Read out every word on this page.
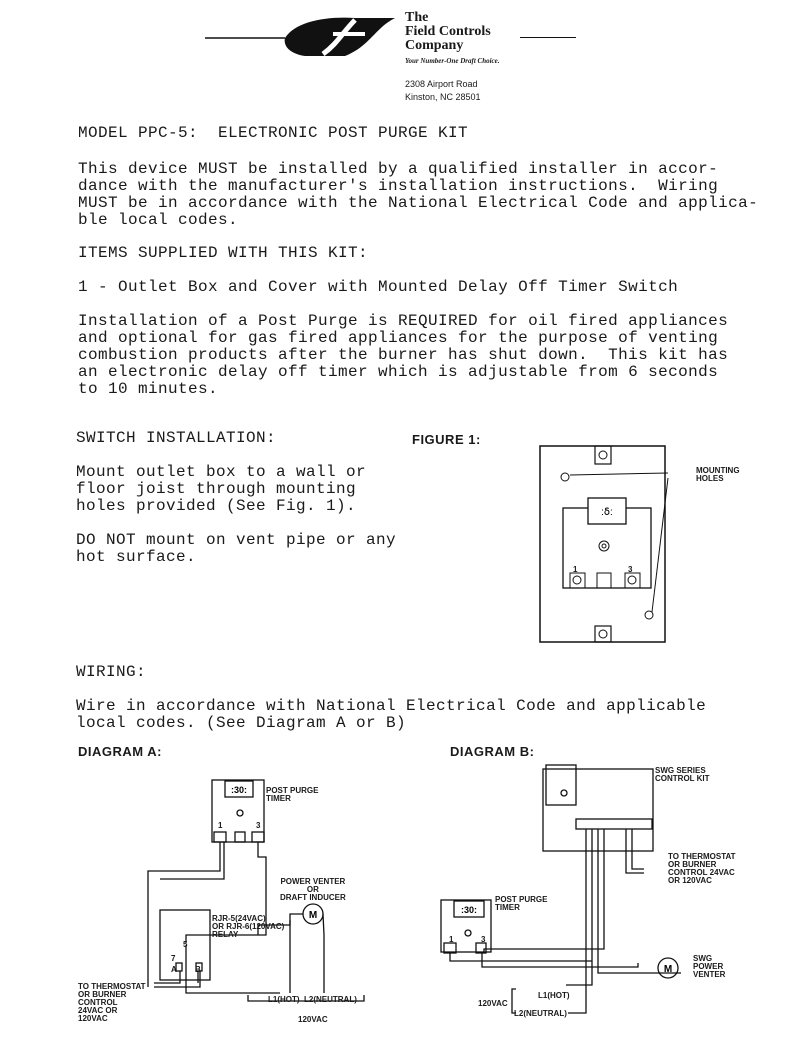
The
Field Controls
Company
Your Number-One Draft Choice.
2308 Airport Road
Kinston, NC 28501
MODEL PPC-5:  ELECTRONIC POST PURGE KIT
This device MUST be installed by a qualified installer in accor-
dance with the manufacturer's installation instructions.  Wiring
MUST be in accordance with the National Electrical Code and applica-
ble local codes.
ITEMS SUPPLIED WITH THIS KIT:
1 - Outlet Box and Cover with Mounted Delay Off Timer Switch
Installation of a Post Purge is REQUIRED for oil fired appliances
and optional for gas fired appliances for the purpose of venting
combustion products after the burner has shut down.  This kit has
an electronic delay off timer which is adjustable from 6 seconds
to 10 minutes.
SWITCH INSTALLATION:
Mount outlet box to a wall or
floor joist through mounting
holes provided (See Fig. 1).
DO NOT mount on vent pipe or any
hot surface.
WIRING:
Wire in accordance with National Electrical Code and applicable
local codes. (See Diagram A or B)
FIGURE 1:
:ẟ:
1	3
MOUNTING
HOLES
DIAGRAM A:
:30:
M
1	3
POST PURGE
TIMER
POWER VENTER
OR
DRAFT INDUCER
RJR-5(24VAC)
OR RJR-6(120VAC)
RELAY
5
7
A B
TO THERMOSTAT
OR BURNER
CONTROL
24VAC OR
120VAC
L1(HOT)  L2(NEUTRAL)
120VAC
DIAGRAM B:
:30:
M
SWG SERIES
CONTROL KIT
TO THERMOSTAT
OR BURNER
CONTROL 24VAC
OR 120VAC
POST PURGE
TIMER
1	3
SWG
POWER
VENTER
120VAC
L1(HOT)
L2(NEUTRAL)
